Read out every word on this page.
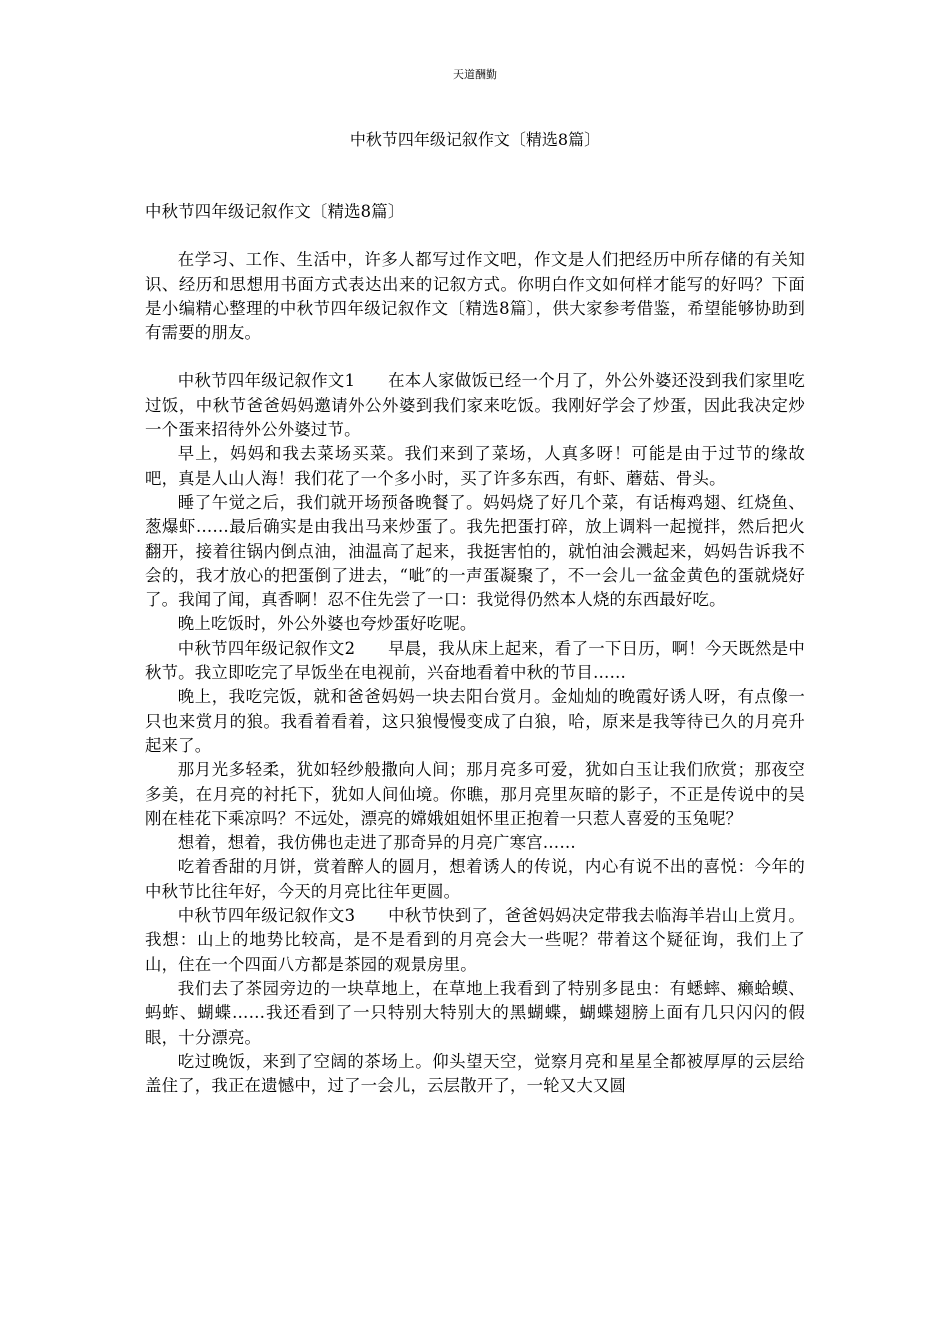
天道酬勤
中秋节四年级记叙作文〔精选8篇〕

中秋节四年级记叙作文〔精选8篇〕

在学习、工作、生活中，许多人都写过作文吧，作文是人们把经历中所存储的有关知识、经历和思想用书面方式表达出来的记叙方式。你明白作文如何样才能写的好吗？下面是小编精心整理的中秋节四年级记叙作文〔精选8篇〕，供大家参考借鉴，希望能够协助到有需要的朋友。

中秋节四年级记叙作文1 在本人家做饭已经一个月了，外公外婆还没到我们家里吃过饭，中秋节爸爸妈妈邀请外公外婆到我们家来吃饭。我刚好学会了炒蛋，因此我决定炒一个蛋来招待外公外婆过节。

早上，妈妈和我去菜场买菜。我们来到了菜场，人真多呀！可能是由于过节的缘故吧，真是人山人海！我们花了一个多小时，买了许多东西，有虾、蘑菇、骨头。

睡了午觉之后，我们就开场预备晚餐了。妈妈烧了好几个菜，有话梅鸡翅、红烧鱼、葱爆虾……最后确实是由我出马来炒蛋了。我先把蛋打碎，放上调料一起搅拌，然后把火翻开，接着往锅内倒点油，油温高了起来，我挺害怕的，就怕油会溅起来，妈妈告诉我不会的，我才放心的把蛋倒了进去，“呲″的一声蛋凝聚了，不一会儿一盆金黄色的蛋就烧好了。我闻了闻，真香啊！忍不住先尝了一口：我觉得仍然本人烧的东西最好吃。

晚上吃饭时，外公外婆也夸炒蛋好吃呢。

中秋节四年级记叙作文2 早晨，我从床上起来，看了一下日历，啊！今天既然是中秋节。我立即吃完了早饭坐在电视前，兴奋地看着中秋的节目……

晚上，我吃完饭，就和爸爸妈妈一块去阳台赏月。金灿灿的晚霞好诱人呀，有点像一只也来赏月的狼。我看着看着，这只狼慢慢变成了白狼，哈，原来是我等待已久的月亮升起来了。

那月光多轻柔，犹如轻纱般撒向人间；那月亮多可爱，犹如白玉让我们欣赏；那夜空多美，在月亮的衬托下，犹如人间仙境。你瞧，那月亮里灰暗的影子，不正是传说中的吴刚在桂花下乘凉吗？不远处，漂亮的嫦娥姐姐怀里正抱着一只惹人喜爱的玉兔呢？

想着，想着，我仿佛也走进了那奇异的月亮广寒宫……

吃着香甜的月饼，赏着醉人的圆月，想着诱人的传说，内心有说不出的喜悦：今年的中秋节比往年好，今天的月亮比往年更圆。

中秋节四年级记叙作文3 中秋节快到了，爸爸妈妈决定带我去临海羊岩山上赏月。我想：山上的地势比较高，是不是看到的月亮会大一些呢？带着这个疑征询，我们上了山，住在一个四面八方都是茶园的观景房里。

我们去了茶园旁边的一块草地上，在草地上我看到了特别多昆虫：有蟋蟀、癞蛤蟆、蚂蚱、蝴蝶……我还看到了一只特别大特别大的黑蝴蝶，蝴蝶翅膀上面有几只闪闪的假眼，十分漂亮。

吃过晚饭，来到了空阔的茶场上。仰头望天空，觉察月亮和星星全都被厚厚的云层给盖住了，我正在遗憾中，过了一会儿，云层散开了，一轮又大又圆
